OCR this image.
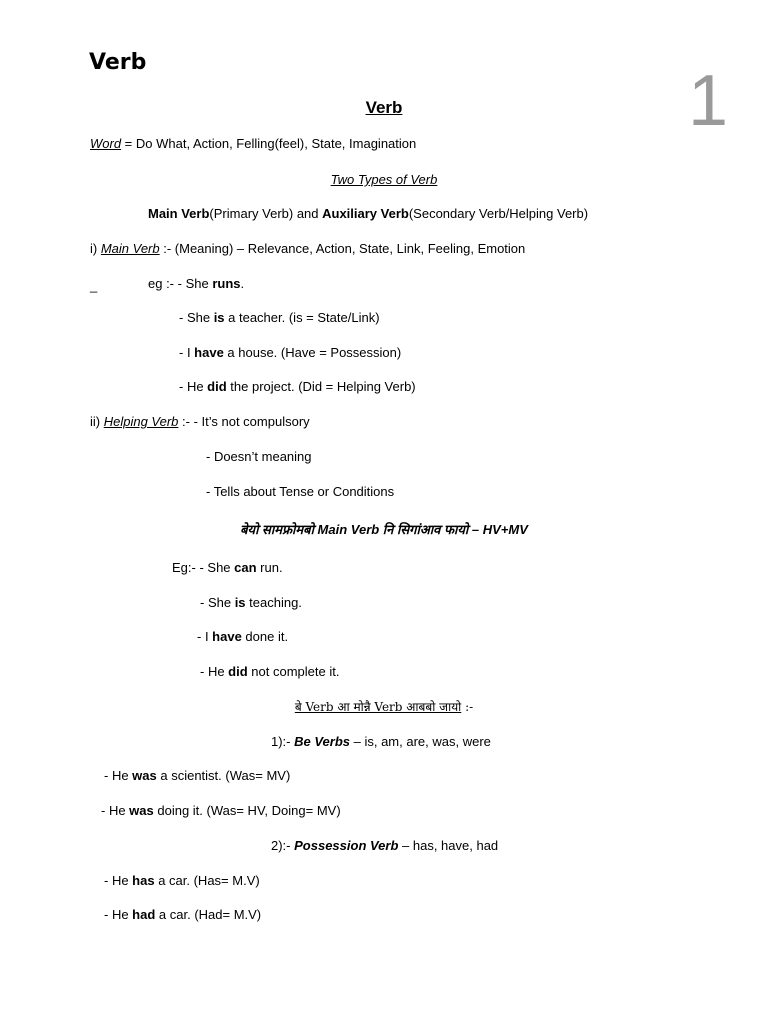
Verb	1
Verb
Word = Do What, Action, Felling(feel), State, Imagination
Two Types of Verb
Main Verb(Primary Verb) and Auxiliary Verb(Secondary Verb/Helping Verb)
i) Main Verb :- (Meaning) – Relevance, Action, State, Link, Feeling, Emotion
_	eg :- - She runs.
- She is a teacher. (is = State/Link)
- I have a house. (Have = Possession)
- He did the project. (Did = Helping Verb)
ii) Helping Verb :- - It’s not compulsory
- Doesn’t meaning
- Tells about Tense or Conditions
बेयो सामफ्रोमबो Main Verb नि सिगांआव फायो – HV+MV
Eg:- - She can run.
- She is teaching.
- I have done it.
- He did not complete it.
बे Verb आ मोन्नै Verb आबबो जायो :-
1):- Be Verbs – is, am, are, was, were
- He was a scientist. (Was= MV)
- He was doing it. (Was= HV, Doing= MV)
2):- Possession Verb – has, have, had
- He has a car. (Has= M.V)
- He had a car. (Had= M.V)
